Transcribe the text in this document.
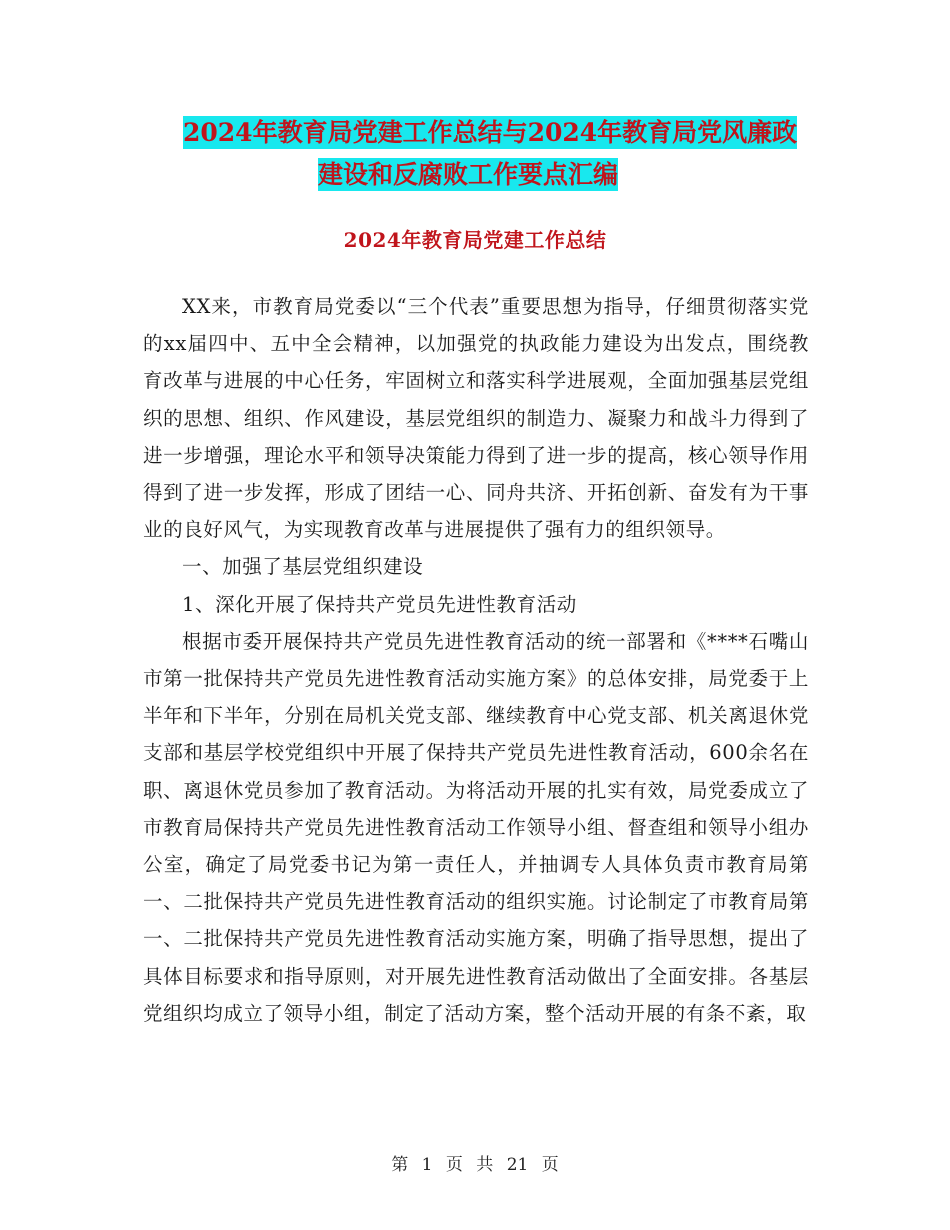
2024年教育局党建工作总结与2024年教育局党风廉政
建设和反腐败工作要点汇编
2024年教育局党建工作总结

XX来，市教育局党委以“三个代表”重要思想为指导，仔细贯彻落实党的xx届四中、五中全会精神，以加强党的执政能力建设为出发点，围绕教育改革与进展的中心任务，牢固树立和落实科学进展观，全面加强基层党组织的思想、组织、作风建设，基层党组织的制造力、凝聚力和战斗力得到了进一步增强，理论水平和领导决策能力得到了进一步的提高，核心领导作用得到了进一步发挥，形成了团结一心、同舟共济、开拓创新、奋发有为干事业的良好风气，为实现教育改革与进展提供了强有力的组织领导。

一、加强了基层党组织建设

1、深化开展了保持共产党员先进性教育活动

根据市委开展保持共产党员先进性教育活动的统一部署和《****石嘴山市第一批保持共产党员先进性教育活动实施方案》的总体安排，局党委于上半年和下半年，分别在局机关党支部、继续教育中心党支部、机关离退休党支部和基层学校党组织中开展了保持共产党员先进性教育活动，600余名在职、离退休党员参加了教育活动。为将活动开展的扎实有效，局党委成立了市教育局保持共产党员先进性教育活动工作领导小组、督查组和领导小组办公室，确定了局党委书记为第一责任人，并抽调专人具体负责市教育局第一、二批保持共产党员先进性教育活动的组织实施。讨论制定了市教育局第一、二批保持共产党员先进性教育活动实施方案，明确了指导思想，提出了具体目标要求和指导原则，对开展先进性教育活动做出了全面安排。各基层党组织均成立了领导小组，制定了活动方案，整个活动开展的有条不紊，取

第 1 页 共 21 页
